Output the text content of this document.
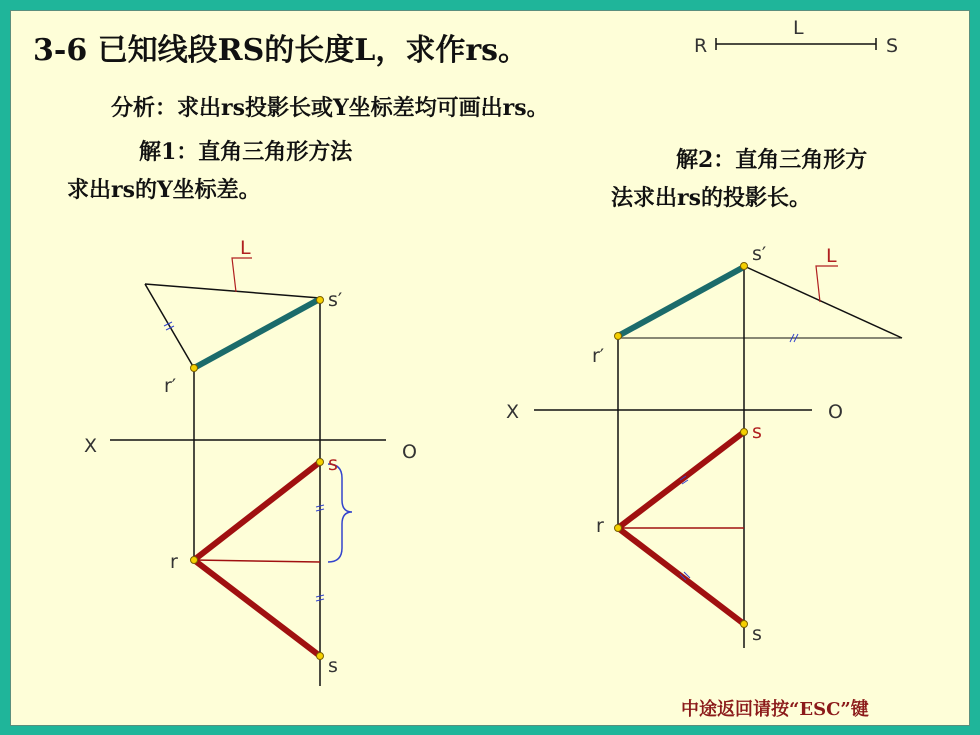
3-6 已知线段RS的长度L，求作rs。
分析：求出rs投影长或Y坐标差均可画出rs。
解1：直角三角形方法
求出rs的Y坐标差。
解2：直角三角形方
法求出rs的投影长。
中途返回请按“ESC”键
R	S
L
X	O
L
s′
r′
s
r
s
X	O
L
s′
r′
s
r
s
